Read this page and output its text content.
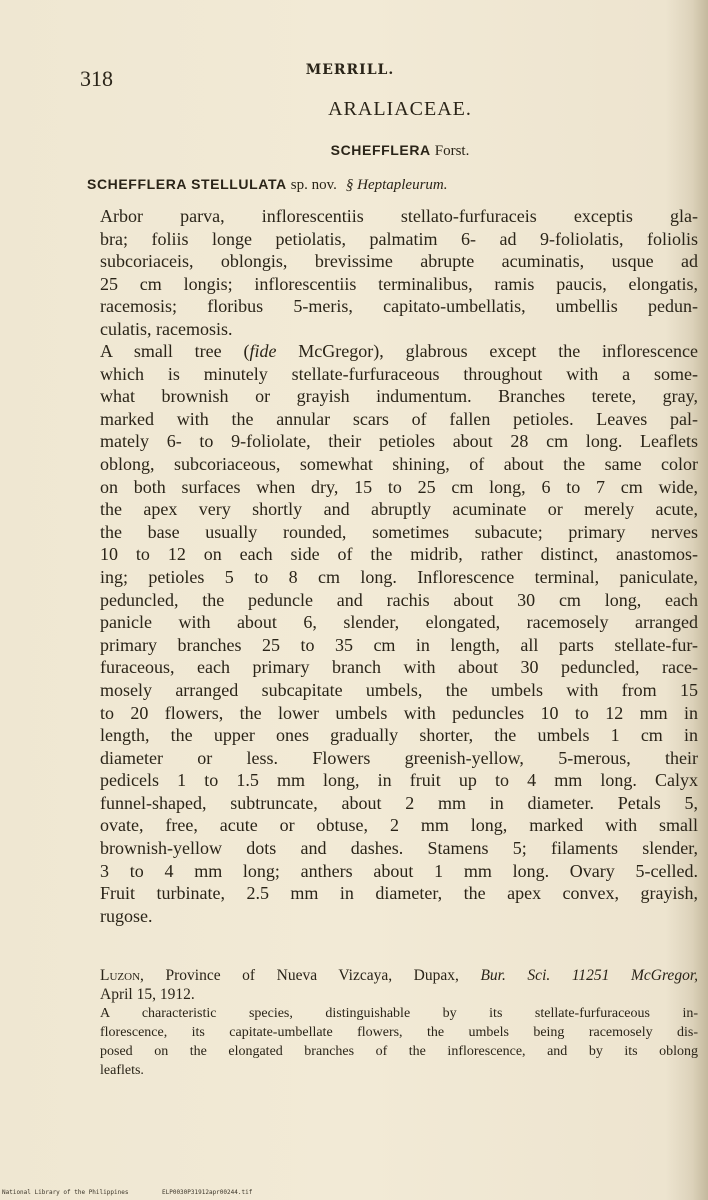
318	MERRILL.
ARALIACEAE.
SCHEFFLERA Forst.
SCHEFFLERA STELLULATA sp. nov. § Heptapleurum.
Arbor parva, inflorescentiis stellato-furfuraceis exceptis gla-
bra; foliis longe petiolatis, palmatim 6- ad 9-foliolatis, foliolis
subcoriaceis, oblongis, brevissime abrupte acuminatis, usque ad
25 cm longis; inflorescentiis terminalibus, ramis paucis, elongatis,
racemosis; floribus 5-meris, capitato-umbellatis, umbellis pedun-
culatis, racemosis.
A small tree (fide McGregor), glabrous except the inflorescence
which is minutely stellate-furfuraceous throughout with a some-
what brownish or grayish indumentum. Branches terete, gray,
marked with the annular scars of fallen petioles. Leaves pal-
mately 6- to 9-foliolate, their petioles about 28 cm long. Leaflets
oblong, subcoriaceous, somewhat shining, of about the same color
on both surfaces when dry, 15 to 25 cm long, 6 to 7 cm wide,
the apex very shortly and abruptly acuminate or merely acute,
the base usually rounded, sometimes subacute; primary nerves
10 to 12 on each side of the midrib, rather distinct, anastomos-
ing; petioles 5 to 8 cm long. Inflorescence terminal, paniculate,
peduncled, the peduncle and rachis about 30 cm long, each
panicle with about 6, slender, elongated, racemosely arranged
primary branches 25 to 35 cm in length, all parts stellate-fur-
furaceous, each primary branch with about 30 peduncled, race-
mosely arranged subcapitate umbels, the umbels with from 15
to 20 flowers, the lower umbels with peduncles 10 to 12 mm in
length, the upper ones gradually shorter, the umbels 1 cm in
diameter or less. Flowers greenish-yellow, 5-merous, their
pedicels 1 to 1.5 mm long, in fruit up to 4 mm long. Calyx
funnel-shaped, subtruncate, about 2 mm in diameter. Petals 5,
ovate, free, acute or obtuse, 2 mm long, marked with small
brownish-yellow dots and dashes. Stamens 5; filaments slender,
3 to 4 mm long; anthers about 1 mm long. Ovary 5-celled.
Fruit turbinate, 2.5 mm in diameter, the apex convex, grayish,
rugose.
Luzon, Province of Nueva Vizcaya, Dupax, Bur. Sci. 11251 McGregor,
April 15, 1912.
A characteristic species, distinguishable by its stellate-furfuraceous in-
florescence, its capitate-umbellate flowers, the umbels being racemosely dis-
posed on the elongated branches of the inflorescence, and by its oblong
leaflets.
National Library of the Philippines	ELP0030P31912apr00244.tif
